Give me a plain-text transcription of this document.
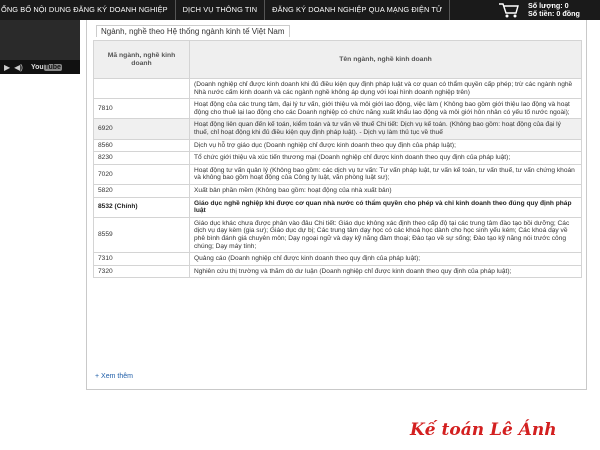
ỔNG BỐ NỘI DUNG ĐĂNG KÝ DOANH NGHIỆP	DỊCH VỤ THÔNG TIN	ĐĂNG KÝ DOANH NGHIỆP QUA MẠNG ĐIỆN TỬ	Số lượng: 0
Số tiền: 0 đồng
▶ ◀) YouTube
Ngành, nghề theo Hệ thống ngành kinh tế Việt Nam
Mã ngành, nghề kinh doanh	Tên ngành, nghề kinh doanh
	(Doanh nghiệp chỉ được kinh doanh khi đủ điều kiện quy định pháp luật và cơ quan có thẩm quyền cấp phép; trừ các ngành nghề Nhà nước cấm kinh doanh và các ngành nghề không áp dụng với loại hình doanh nghiệp trên)
7810	Hoạt động của các trung tâm, đại lý tư vấn, giới thiệu và môi giới lao động, việc làm ( Không bao gồm giới thiệu lao động và hoạt động cho thuê lại lao động cho các Doanh nghiệp có chức năng xuất khẩu lao động và môi giới hôn nhân có yếu tố nước ngoài);
6920	Hoạt động liên quan đến kế toán, kiểm toán và tư vấn về thuế Chi tiết: Dịch vụ kế toán. (Không bao gồm: hoạt động của đại lý thuế, chỉ hoạt động khi đủ điều kiện quy định pháp luật). - Dịch vụ làm thủ tục về thuế
8560	Dịch vụ hỗ trợ giáo dục (Doanh nghiệp chỉ được kinh doanh theo quy định của pháp luật);
8230	Tổ chức giới thiệu và xúc tiến thương mại (Doanh nghiệp chỉ được kinh doanh theo quy định của pháp luật);
7020	Hoạt động tư vấn quản lý (Không bao gồm: các dịch vụ tư vấn: Tư vấn pháp luật, tư vấn kế toán, tư vấn thuế, tư vấn chứng khoán và không bao gồm hoạt động của Công ty luật, văn phòng luật sư);
5820	Xuất bản phần mềm (Không bao gồm: hoạt động của nhà xuất bản)
8532 (Chính)	Giáo dục nghề nghiệp khi được cơ quan nhà nước có thẩm quyền cho phép và chỉ kinh doanh theo đúng quy định pháp luật
8559	Giáo dục khác chưa được phân vào đâu Chi tiết: Giáo dục không xác định theo cấp độ tại các trung tâm đào tạo bồi dưỡng; Các dịch vụ dạy kèm (gia sư); Giáo dục dự bị; Các trung tâm dạy học có các khoá học dành cho học sinh yếu kém; Các khoá dạy về phê bình đánh giá chuyên môn; Dạy ngoại ngữ và dạy kỹ năng đàm thoại; Đào tạo về sự sống; Đào tạo kỹ năng nói trước công chúng; Dạy máy tính;
7310	Quảng cáo (Doanh nghiệp chỉ được kinh doanh theo quy định của pháp luật);
7320	Nghiên cứu thị trường và thăm dò dư luận (Doanh nghiệp chỉ được kinh doanh theo quy định của pháp luật);
+ Xem thêm
Kế toán Lê Ánh
